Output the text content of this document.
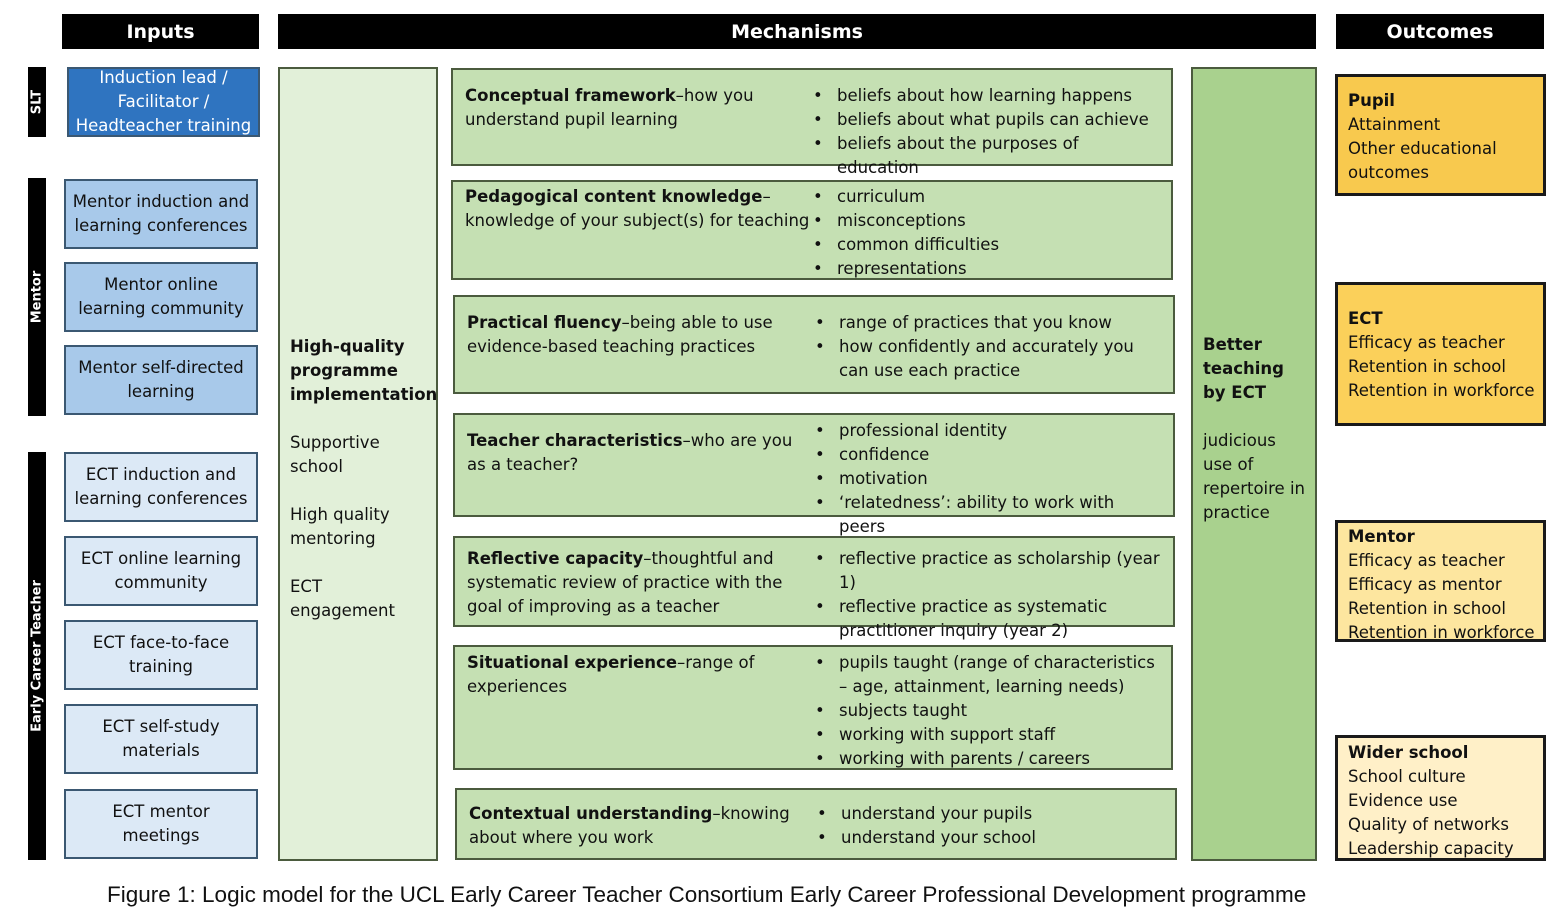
Inputs	Mechanisms	Outcomes
SLT
Mentor
Early Career Teacher
Induction lead / Facilitator / Headteacher training
Mentor induction and learning conferences
Mentor online learning community
Mentor self-directed learning
ECT induction and learning conferences
ECT online learning community
ECT face-to-face training
ECT self-study materials
ECT mentor meetings
High-quality programme implementation
Supportive school
High quality mentoring
ECT engagement
Conceptual framework–how you understand pupil learning
• beliefs about how learning happens
• beliefs about what pupils can achieve
• beliefs about the purposes of education
Pedagogical content knowledge– knowledge of your subject(s) for teaching
• curriculum
• misconceptions
• common difficulties
• representations
Practical fluency–being able to use evidence-based teaching practices
• range of practices that you know
• how confidently and accurately you can use each practice
Teacher characteristics–who are you as a teacher?
• professional identity
• confidence
• motivation
• ‘relatedness’: ability to work with peers
Reflective capacity–thoughtful and systematic review of practice with the goal of improving as a teacher
• reflective practice as scholarship (year 1)
• reflective practice as systematic practitioner inquiry (year 2)
Situational experience–range of experiences
• pupils taught (range of characteristics – age, attainment, learning needs)
• subjects taught
• working with support staff
• working with parents / careers
Contextual understanding–knowing about where you work
• understand your pupils
• understand your school
Better teaching by ECT
judicious use of repertoire in practice
Pupil
Attainment
Other educational outcomes
ECT
Efficacy as teacher
Retention in school
Retention in workforce
Mentor
Efficacy as teacher
Efficacy as mentor
Retention in school
Retention in workforce
Wider school
School culture
Evidence use
Quality of networks
Leadership capacity
Figure 1: Logic model for the UCL Early Career Teacher Consortium Early Career Professional Development programme
